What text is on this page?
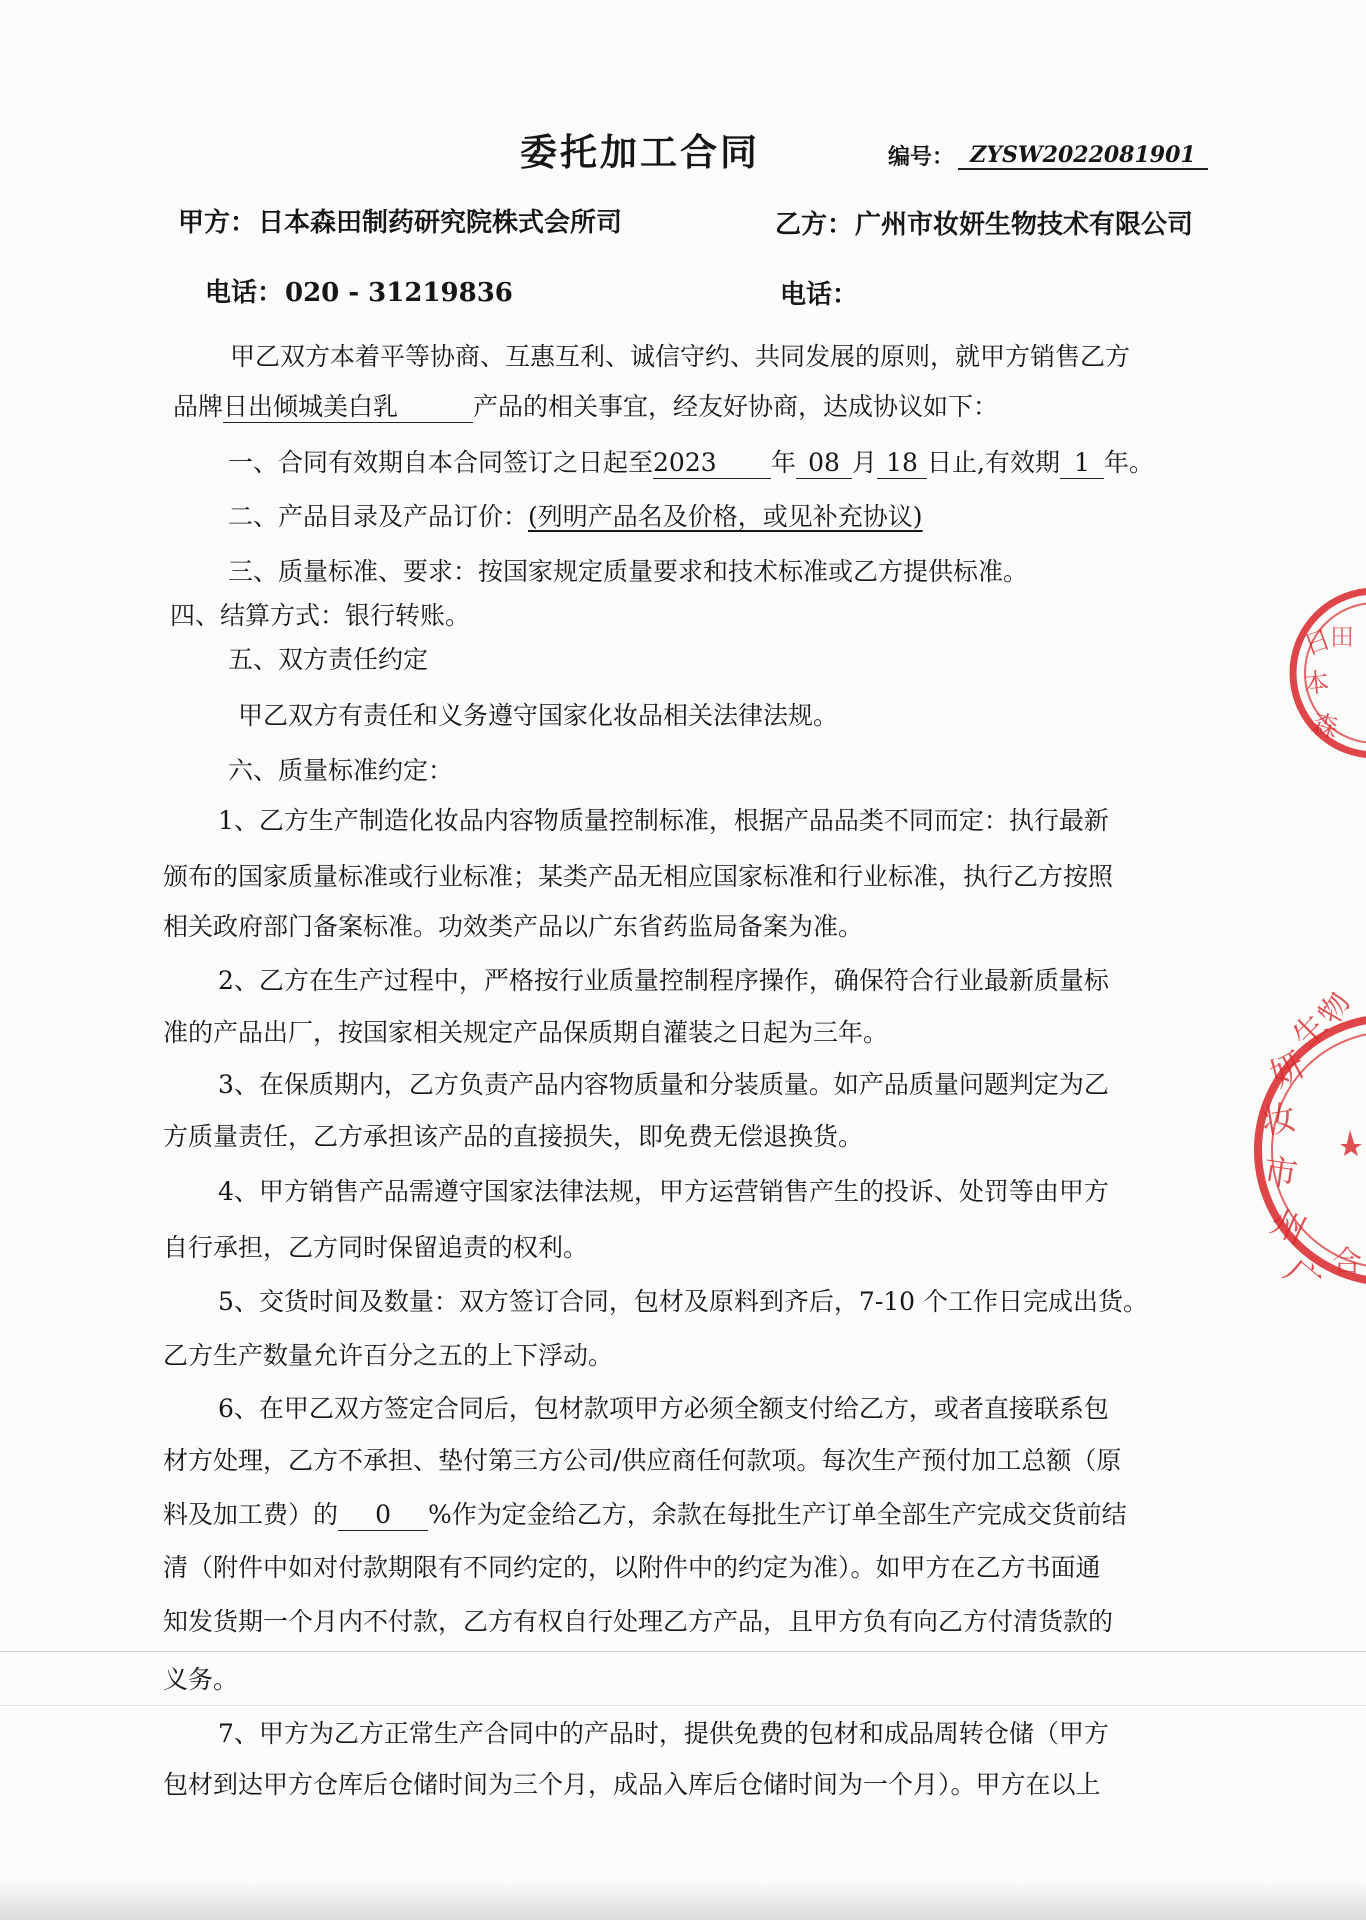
委托加工合同	编号： ZYSW2022081901
甲方： 日本森田制药研究院株式会所司	乙方： 广州市妆妍生物技术有限公司
电话： 020 - 31219836	电话：
甲乙双方本着平等协商、互惠互利、诚信守约、共同发展的原则，就甲方销售乙方
品牌日出倾城美白乳	产品的相关事宜，经友好协商，达成协议如下：
一、合同有效期自本合同签订之日起至2023 年 08 月 18 日止,有效期 1 年。
二、产品目录及产品订价：(列明产品名及价格，或见补充协议)
三、质量标准、要求：按国家规定质量要求和技术标准或乙方提供标准。
四、结算方式：银行转账。
五、双方责任约定
甲乙双方有责任和义务遵守国家化妆品相关法律法规。
六、质量标准约定：
1、乙方生产制造化妆品内容物质量控制标准，根据产品品类不同而定：执行最新
颁布的国家质量标准或行业标准；某类产品无相应国家标准和行业标准，执行乙方按照
相关政府部门备案标准。功效类产品以广东省药监局备案为准。
2、乙方在生产过程中，严格按行业质量控制程序操作，确保符合行业最新质量标
准的产品出厂，按国家相关规定产品保质期自灌装之日起为三年。
3、在保质期内，乙方负责产品内容物质量和分装质量。如产品质量问题判定为乙
方质量责任，乙方承担该产品的直接损失，即免费无偿退换货。
4、甲方销售产品需遵守国家法律法规，甲方运营销售产生的投诉、处罚等由甲方
自行承担，乙方同时保留追责的权利。
5、交货时间及数量：双方签订合同，包材及原料到齐后，7-10 个工作日完成出货。
乙方生产数量允许百分之五的上下浮动。
6、在甲乙双方签定合同后，包材款项甲方必须全额支付给乙方，或者直接联系包
材方处理，乙方不承担、垫付第三方公司/供应商任何款项。每次生产预付加工总额（原
料及加工费）的 0 %作为定金给乙方，余款在每批生产订单全部生产完成交货前结
清（附件中如对付款期限有不同约定的，以附件中的约定为准）。如甲方在乙方书面通
知发货期一个月内不付款，乙方有权自行处理乙方产品，且甲方负有向乙方付清货款的
义务。
7、甲方为乙方正常生产合同中的产品时，提供免费的包材和成品周转仓储（甲方
包材到达甲方仓库后仓储时间为三个月，成品入库后仓储时间为一个月）。甲方在以上
日
本
森
田
广
州
市
妆
妍
生
物
合
